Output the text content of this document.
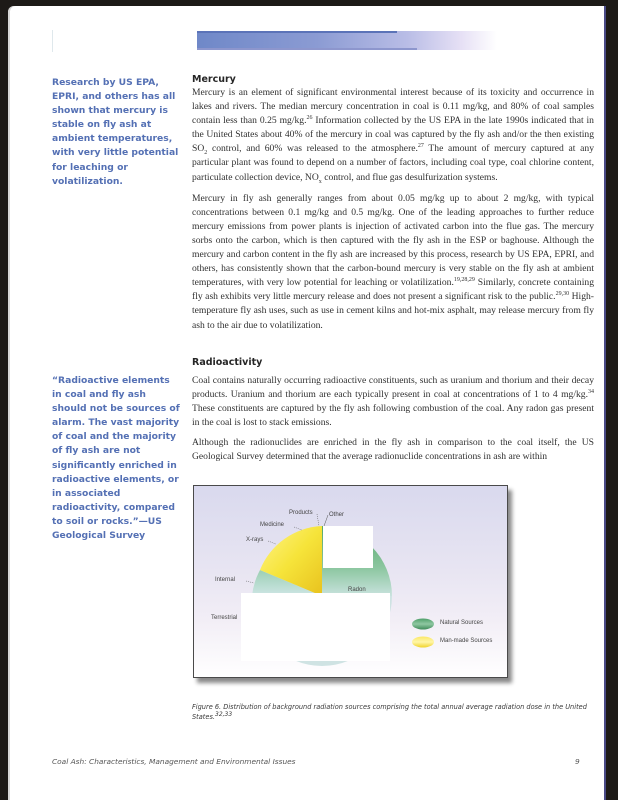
Research by US EPA, EPRI, and others has all shown that mercury is stable on fly ash at ambient temperatures, with very little potential for leaching or volatilization.
“Radioactive elements in coal and fly ash should not be sources of alarm. The vast majority of coal and the majority of fly ash are not significantly enriched in radioactive elements, or in associated radioactivity, compared to soil or rocks.”—US Geological Survey
Mercury

Mercury is an element of significant environmental interest because of its toxicity and occurrence in lakes and rivers. The median mercury concentration in coal is 0.11 mg/kg, and 80% of coal samples contain less than 0.25 mg/kg.$^{26}$ Information collected by the US EPA in the late 1990s indicated that in the United States about 40% of the mercury in coal was captured by the fly ash and/or the then existing $SO_2$ control, and 60% was released to the atmosphere.$^{27}$ The amount of mercury captured at any particular plant was found to depend on a number of factors, including coal type, coal chlorine content, particulate collection device, $NO_x$ control, and flue gas desulfurization systems.

Mercury in fly ash generally ranges from about 0.05 mg/kg up to about 2 mg/kg, with typical concentrations between 0.1 mg/kg and 0.5 mg/kg. One of the leading approaches to further reduce mercury emissions from power plants is injection of activated carbon into the flue gas. The mercury sorbs onto the carbon, which is then captured with the fly ash in the ESP or baghouse. Although the mercury and carbon content in the fly ash are increased by this process, research by US EPA, EPRI, and others, has consistently shown that the carbon-bound mercury is very stable on the fly ash at ambient temperatures, with very low potential for leaching or volatilization.$^{19,28,29}$ Similarly, concrete containing fly ash exhibits very little mercury release and does not present a significant risk to the public.$^{29,30}$ High-temperature fly ash uses, such as use in cement kilns and hot-mix asphalt, may release mercury from fly ash to the air due to volatilization.

Radioactivity

Coal contains naturally occurring radioactive constituents, such as uranium and thorium and their decay products. Uranium and thorium are each typically present in coal at concentrations of 1 to 4 mg/kg.$^{34}$ These constituents are captured by the fly ash following combustion of the coal. Any radon gas present in the coal is lost to stack emissions.

Although the radionuclides are enriched in the fly ash in comparison to the coal itself, the US Geological Survey determined that the average radionuclide concentrations in ash are within

Products	Other
Medicine
X-rays
Internal
Radon
Terrestrial
Natural Sources
Man-made Sources
Figure 6. Distribution of background radiation sources comprising the total annual average radiation dose in the United States.$^{32,33}$
Coal Ash: Characteristics, Management and Environmental Issues	9
